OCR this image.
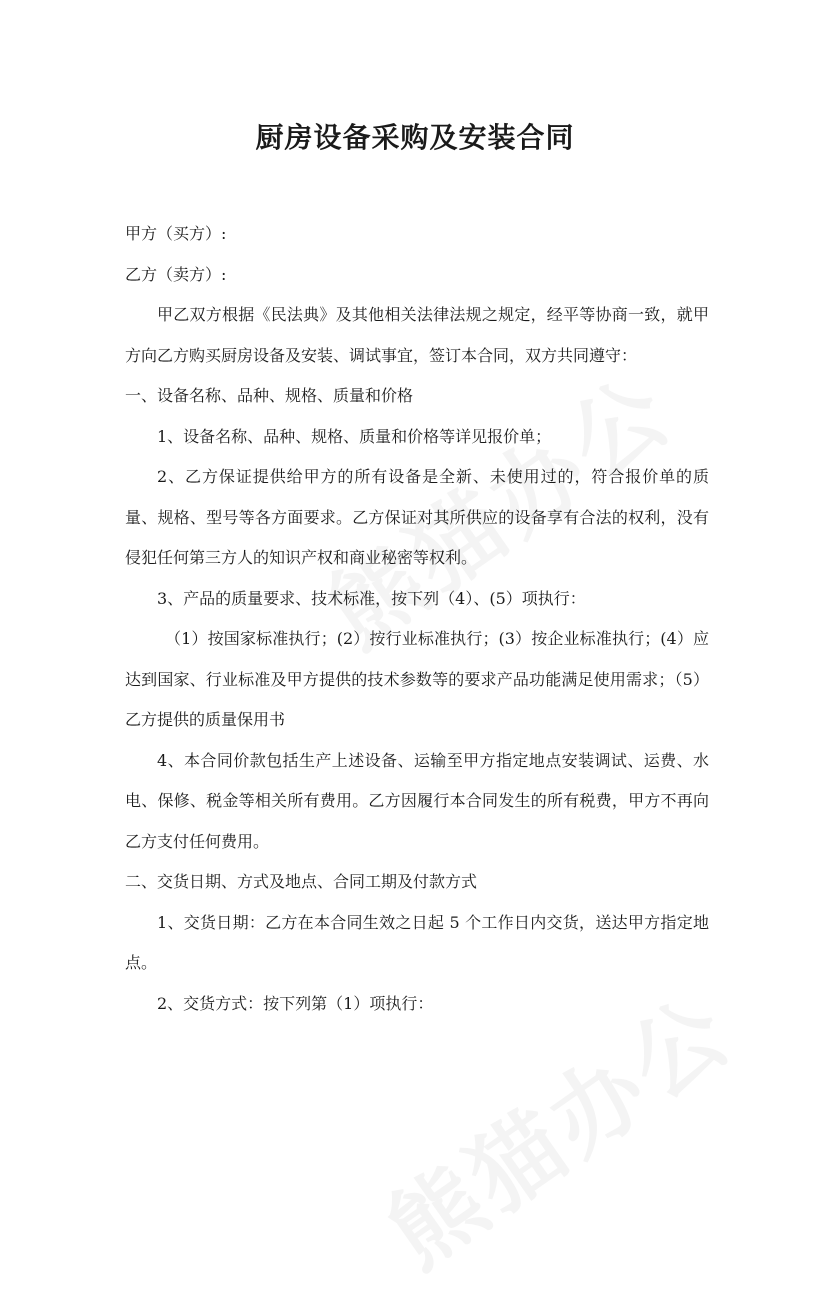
厨房设备采购及安装合同

甲方（买方）:

乙方（卖方）:

甲乙双方根据《民法典》及其他相关法律法规之规定，经平等协商一致，就甲方向乙方购买厨房设备及安装、调试事宜，签订本合同，双方共同遵守：

一、设备名称、品种、规格、质量和价格

1、设备名称、品种、规格、质量和价格等详见报价单；

2、乙方保证提供给甲方的所有设备是全新、未使用过的，符合报价单的质量、规格、型号等各方面要求。乙方保证对其所供应的设备享有合法的权利，没有侵犯任何第三方人的知识产权和商业秘密等权利。

3、产品的质量要求、技术标准，按下列（4）、(5）项执行：

（1）按国家标准执行；(2）按行业标准执行；(3）按企业标准执行；(4）应达到国家、行业标准及甲方提供的技术参数等的要求产品功能满足使用需求；（5）乙方提供的质量保用书

4、本合同价款包括生产上述设备、运输至甲方指定地点安装调试、运费、水电、保修、税金等相关所有费用。乙方因履行本合同发生的所有税费，甲方不再向乙方支付任何费用。

二、交货日期、方式及地点、合同工期及付款方式

1、交货日期：乙方在本合同生效之日起 5 个工作日内交货，送达甲方指定地点。

2、交货方式：按下列第（1）项执行：
